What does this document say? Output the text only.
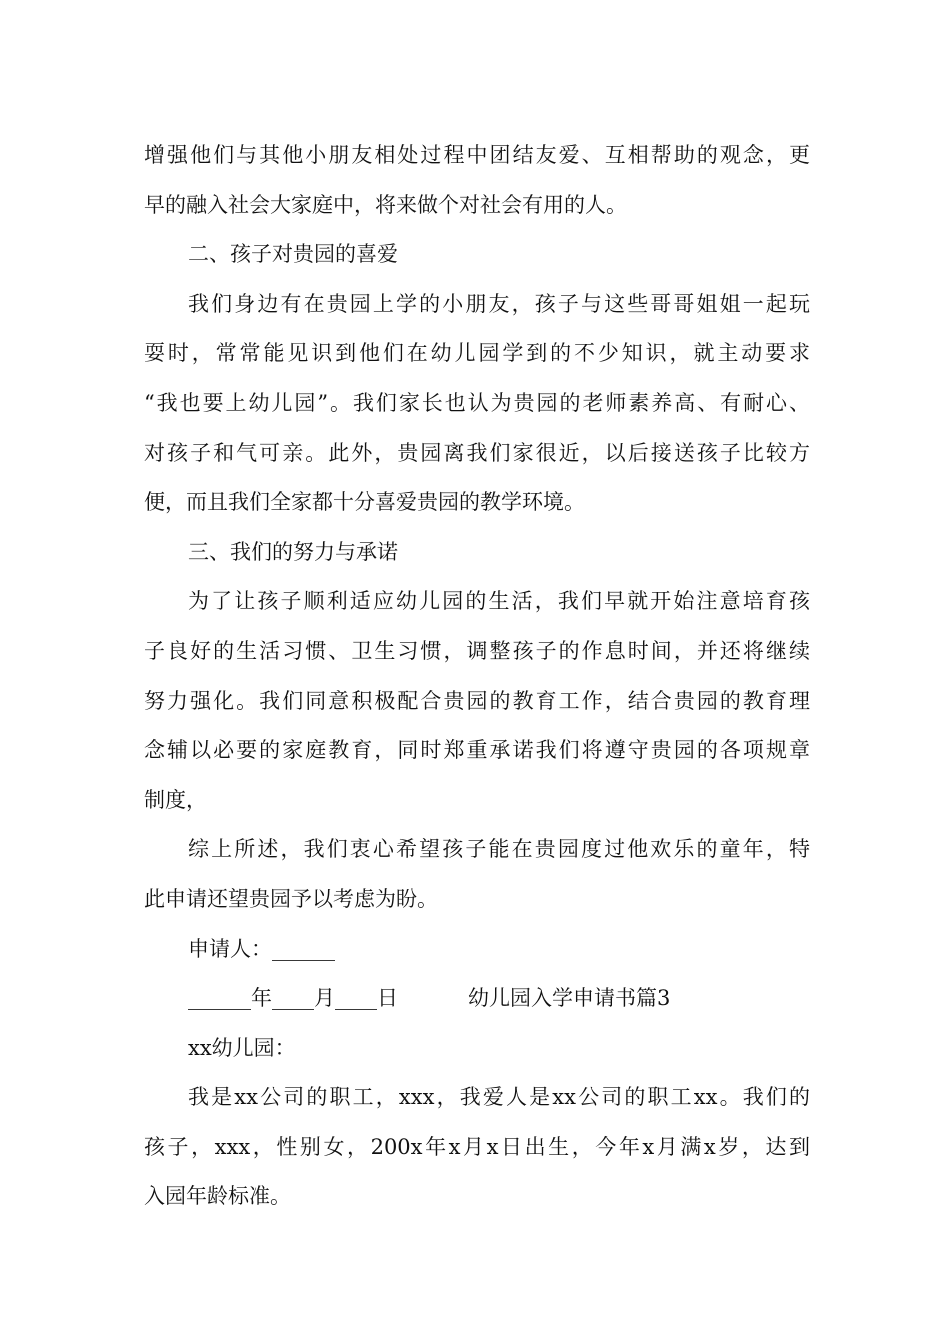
增强他们与其他小朋友相处过程中团结友爱、互相帮助的观念，更
早的融入社会大家庭中，将来做个对社会有用的人。
二、孩子对贵园的喜爱
我们身边有在贵园上学的小朋友，孩子与这些哥哥姐姐一起玩
耍时，常常能见识到他们在幼儿园学到的不少知识，就主动要求
“我也要上幼儿园”。我们家长也认为贵园的老师素养高、有耐心、
对孩子和气可亲。此外，贵园离我们家很近，以后接送孩子比较方
便，而且我们全家都十分喜爱贵园的教学环境。
三、我们的努力与承诺
为了让孩子顺利适应幼儿园的生活，我们早就开始注意培育孩
子良好的生活习惯、卫生习惯，调整孩子的作息时间，并还将继续
努力强化。我们同意积极配合贵园的教育工作，结合贵园的教育理
念辅以必要的家庭教育，同时郑重承诺我们将遵守贵园的各项规章
制度，
综上所述，我们衷心希望孩子能在贵园度过他欢乐的童年，特
此申请还望贵园予以考虑为盼。
申请人：______
______年____月____日	幼儿园入学申请书篇3
xx幼儿园：
我是xx公司的职工，xxx，我爱人是xx公司的职工xx。我们的
孩子，xxx，性别女，200x年x月x日出生，今年x月满x岁，达到
入园年龄标准。
